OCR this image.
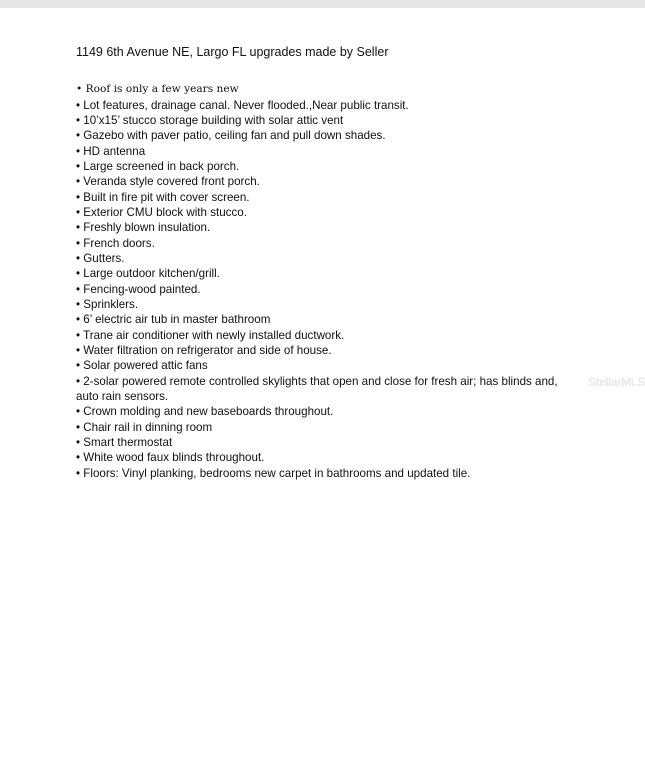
1149 6th Avenue NE, Largo FL upgrades made by Seller
• Roof is only a few years new
• Lot features, drainage canal. Never flooded.,Near public transit.
• 10’x15’ stucco storage building with solar attic vent
• Gazebo with paver patio, ceiling fan and pull down shades.
• HD antenna
• Large screened in back porch.
• Veranda style covered front porch.
• Built in fire pit with cover screen.
• Exterior CMU block with stucco.
• Freshly blown insulation.
• French doors.
• Gutters.
• Large outdoor kitchen/grill.
• Fencing-wood painted.
• Sprinklers.
• 6’ electric air tub in master bathroom
• Trane air conditioner with newly installed ductwork.
• Water filtration on refrigerator and side of house.
• Solar powered attic fans
• 2-solar powered remote controlled skylights that open and close for fresh air; has blinds and, auto rain sensors.
• Crown molding and new baseboards throughout.
• Chair rail in dinning room
• Smart thermostat
• White wood faux blinds throughout.
• Floors: Vinyl planking, bedrooms new carpet in bathrooms and updated tile.
StellarMLS
